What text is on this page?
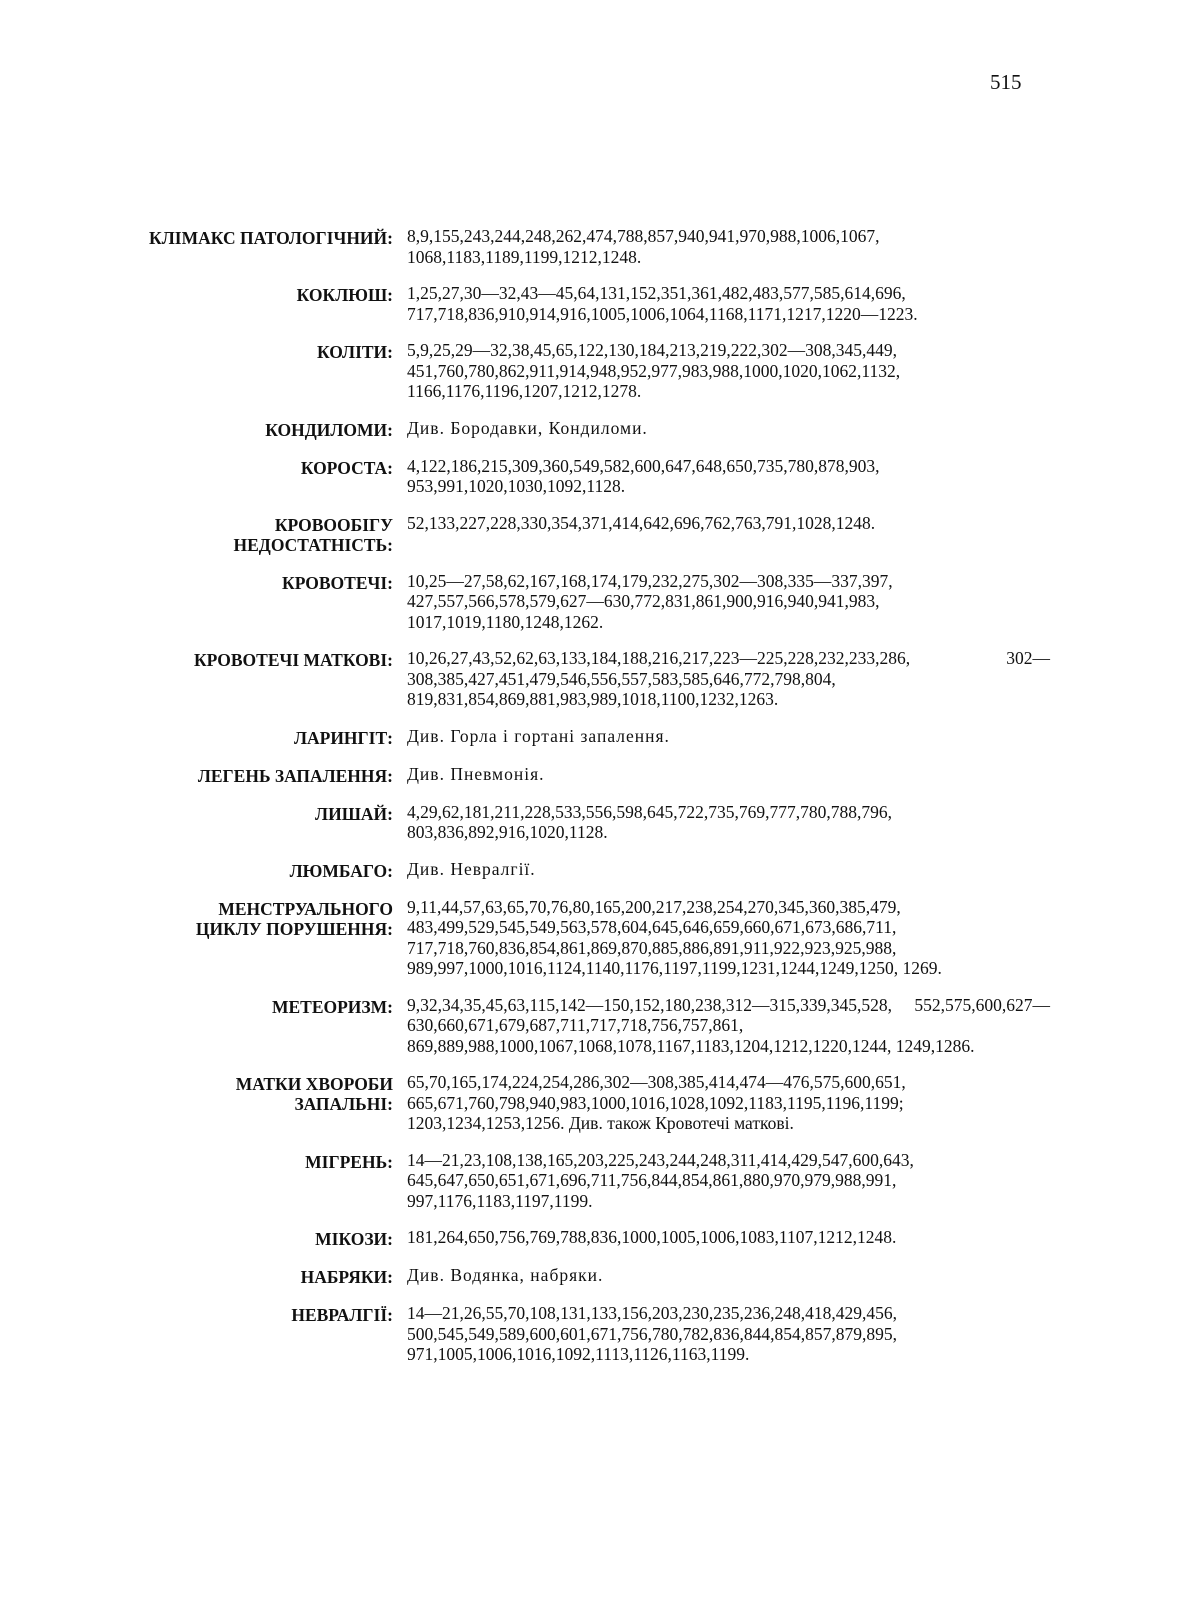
515
КЛІМАКС ПАТОЛОГІЧНИЙ: 8,9,155,243,244,248,262,474,788,857,940,941,970,988,1006,1067, 1068,1183,1189,1199,1212,1248.
КОКЛЮШ: 1,25,27,30—32,43—45,64,131,152,351,361,482,483,577,585,614,696, 717,718,836,910,914,916,1005,1006,1064,1168,1171,1217,1220—1223.
КОЛІТИ: 5,9,25,29—32,38,45,65,122,130,184,213,219,222,302—308,345,449, 451,760,780,862,911,914,948,952,977,983,988,1000,1020,1062,1132, 1166,1176,1196,1207,1212,1278.
КОНДИЛОМИ: Див. Бородавки, Кондиломи.
КОРОСТА: 4,122,186,215,309,360,549,582,600,647,648,650,735,780,878,903, 953,991,1020,1030,1092,1128.
КРОВООБІГУ
НЕДОСТАТНІСТЬ:
52,133,227,228,330,354,371,414,642,696,762,763,791,1028,1248.
КРОВОТЕЧІ: 10,25—27,58,62,167,168,174,179,232,275,302—308,335—337,397, 427,557,566,578,579,627—630,772,831,861,900,916,940,941,983, 1017,1019,1180,1248,1262.
КРОВОТЕЧІ МАТКОВІ: 10,26,27,43,52,62,63,133,184,188,216,217,223—225,228,232,233,286, 302—308,385,427,451,479,546,556,557,583,585,646,772,798,804, 819,831,854,869,881,983,989,1018,1100,1232,1263.
ЛАРИНГІТ: Див. Горла і гортані запалення.
ЛЕГЕНЬ ЗАПАЛЕННЯ: Див. Пневмонія.
ЛИШАЙ: 4,29,62,181,211,228,533,556,598,645,722,735,769,777,780,788,796, 803,836,892,916,1020,1128.
ЛЮМБАГО: Див. Невралгії.
МЕНСТРУАЛЬНОГО
ЦИКЛУ ПОРУШЕННЯ:
9,11,44,57,63,65,70,76,80,165,200,217,238,254,270,345,360,385,479, 483,499,529,545,549,563,578,604,645,646,659,660,671,673,686,711, 717,718,760,836,854,861,869,870,885,886,891,911,922,923,925,988, 989,997,1000,1016,1124,1140,1176,1197,1199,1231,1244,1249,1250, 1269.
МЕТЕОРИЗМ: 9,32,34,35,45,63,115,142—150,152,180,238,312—315,339,345,528, 552,575,600,627—630,660,671,679,687,711,717,718,756,757,861, 869,889,988,1000,1067,1068,1078,1167,1183,1204,1212,1220,1244, 1249,1286.
МАТКИ ХВОРОБИ
ЗАПАЛЬНІ:
65,70,165,174,224,254,286,302—308,385,414,474—476,575,600,651, 665,671,760,798,940,983,1000,1016,1028,1092,1183,1195,1196,1199; 1203,1234,1253,1256. Див. також Кровотечі маткові.
МІГРЕНЬ: 14—21,23,108,138,165,203,225,243,244,248,311,414,429,547,600,643, 645,647,650,651,671,696,711,756,844,854,861,880,970,979,988,991, 997,1176,1183,1197,1199.
МІКОЗИ: 181,264,650,756,769,788,836,1000,1005,1006,1083,1107,1212,1248.
НАБРЯКИ: Див. Водянка, набряки.
НЕВРАЛГІЇ: 14—21,26,55,70,108,131,133,156,203,230,235,236,248,418,429,456, 500,545,549,589,600,601,671,756,780,782,836,844,854,857,879,895, 971,1005,1006,1016,1092,1113,1126,1163,1199.
